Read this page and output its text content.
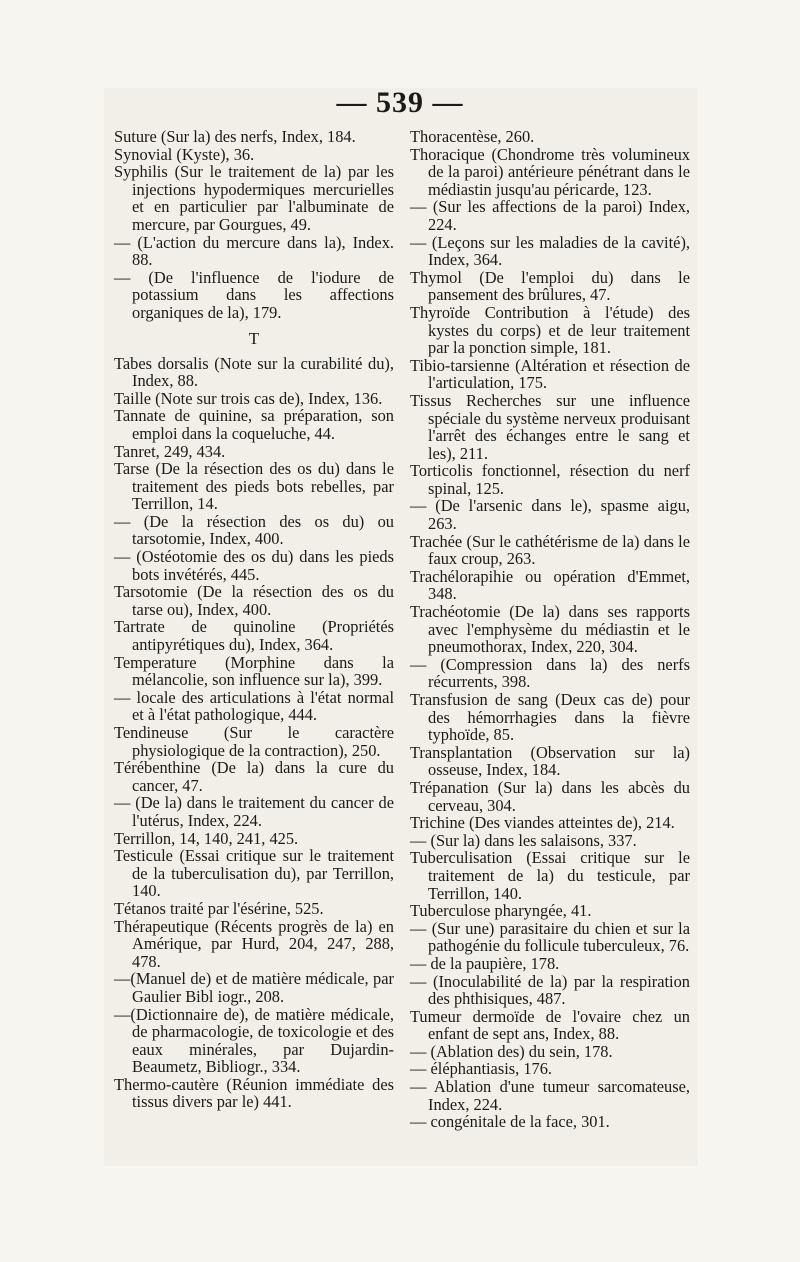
— 539 —
Suture (Sur la) des nerfs, Index, 184.
Synovial (Kyste), 36.
Syphilis (Sur le traitement de la) par les injections hypodermiques mercurielles et en particulier par l'albuminate de mercure, par Gourgues, 49.
— (L'action du mercure dans la), Index. 88.
— (De l'influence de l'iodure de potassium dans les affections organiques de la), 179.
T
Tabes dorsalis (Note sur la curabilité du), Index, 88.
Taille (Note sur trois cas de), Index, 136.
Tannate de quinine, sa préparation, son emploi dans la coqueluche, 44.
Tanret, 249, 434.
Tarse (De la résection des os du) dans le traitement des pieds bots rebelles, par Terrillon, 14.
— (De la résection des os du) ou tarsotomie, Index, 400.
— (Ostéotomie des os du) dans les pieds bots invétérés, 445.
Tarsotomie (De la résection des os du tarse ou), Index, 400.
Tartrate de quinoline (Propriétés antipyrétiques du), Index, 364.
Temperature (Morphine dans la mélancolie, son influence sur la), 399.
— locale des articulations à l'état normal et à l'état pathologique, 444.
Tendineuse (Sur le caractère physiologique de la contraction), 250.
Térébenthine (De la) dans la cure du cancer, 47.
— (De la) dans le traitement du cancer de l'utérus, Index, 224.
Terrillon, 14, 140, 241, 425.
Testicule (Essai critique sur le traitement de la tuberculisation du), par Terrillon, 140.
Tétanos traité par l'ésérine, 525.
Thérapeutique (Récents progrès de la) en Amérique, par Hurd, 204, 247, 288, 478.
—(Manuel de) et de matière médicale, par Gaulier Bibl iogr., 208.
—(Dictionnaire de), de matière médicale, de pharmacologie, de toxicologie et des eaux minérales, par Dujardin-Beaumetz, Bibliogr., 334.
Thermo-cautère (Réunion immédiate des tissus divers par le) 441.
Thoracentèse, 260.
Thoracique (Chondrome très volumineux de la paroi) antérieure pénétrant dans le médiastin jusqu'au péricarde, 123.
— (Sur les affections de la paroi) Index, 224.
— (Leçons sur les maladies de la cavité), Index, 364.
Thymol (De l'emploi du) dans le pansement des brûlures, 47.
Thyroïde Contribution à l'étude) des kystes du corps) et de leur traitement par la ponction simple, 181.
Tibio-tarsienne (Altération et résection de l'articulation, 175.
Tissus Recherches sur une influence spéciale du système nerveux produisant l'arrêt des échanges entre le sang et les), 211.
Torticolis fonctionnel, résection du nerf spinal, 125.
— (De l'arsenic dans le), spasme aigu, 263.
Trachée (Sur le cathétérisme de la) dans le faux croup, 263.
Trachélorapihie ou opération d'Emmet, 348.
Trachéotomie (De la) dans ses rapports avec l'emphysème du médiastin et le pneumothorax, Index, 220, 304.
— (Compression dans la) des nerfs récurrents, 398.
Transfusion de sang (Deux cas de) pour des hémorrhagies dans la fièvre typhoïde, 85.
Transplantation (Observation sur la) osseuse, Index, 184.
Trépanation (Sur la) dans les abcès du cerveau, 304.
Trichine (Des viandes atteintes de), 214.
— (Sur la) dans les salaisons, 337.
Tuberculisation (Essai critique sur le traitement de la) du testicule, par Terrillon, 140.
Tuberculose pharyngée, 41.
— (Sur une) parasitaire du chien et sur la pathogénie du follicule tuberculeux, 76.
— de la paupière, 178.
— (Inoculabilité de la) par la respiration des phthisiques, 487.
Tumeur dermoïde de l'ovaire chez un enfant de sept ans, Index, 88.
— (Ablation des) du sein, 178.
— éléphantiasis, 176.
— Ablation d'une tumeur sarcomateuse, Index, 224.
— congénitale de la face, 301.
